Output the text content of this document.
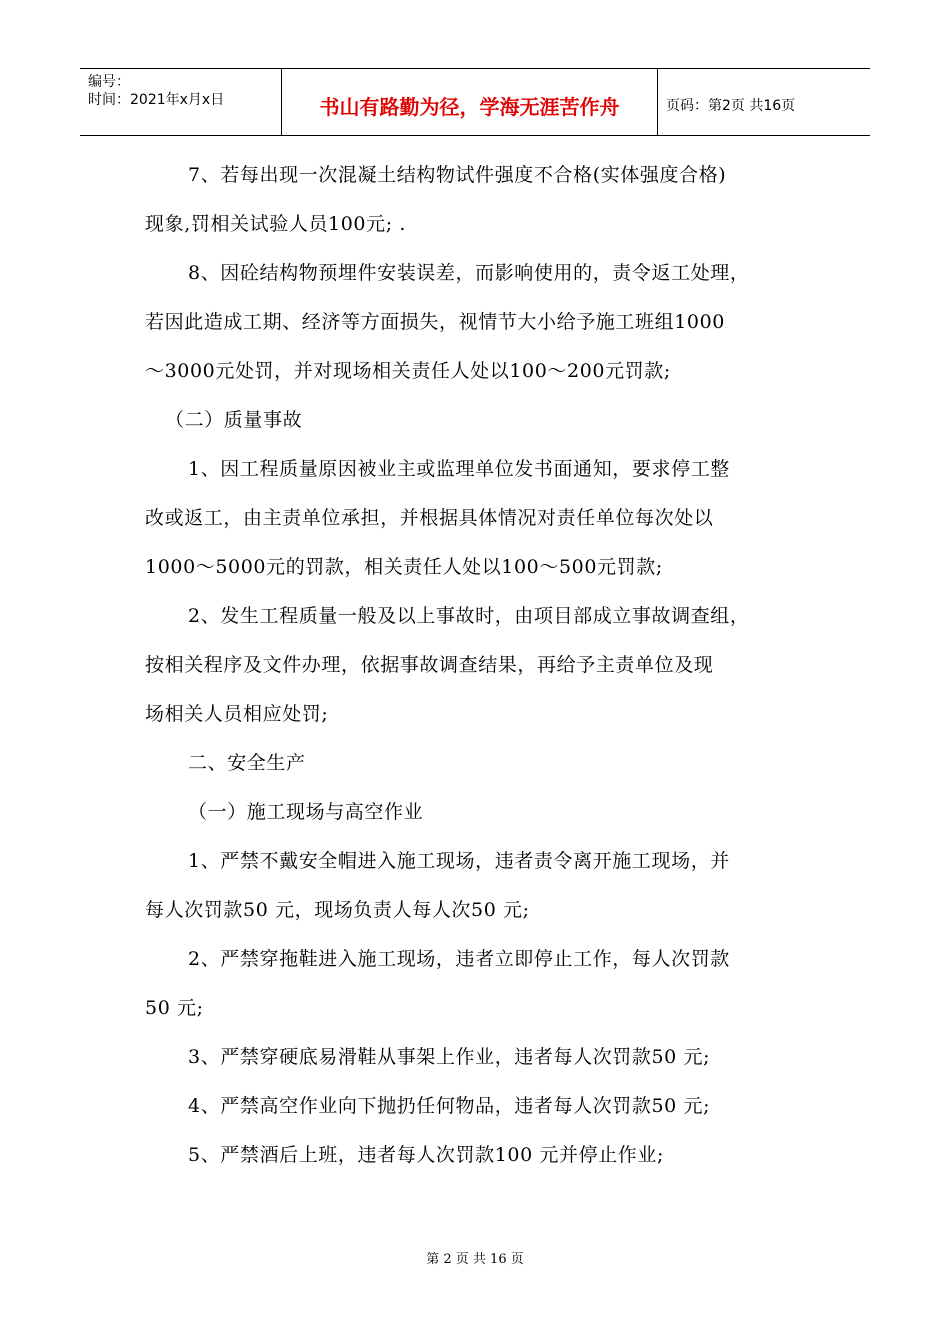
编号：
时间：2021年x月x日	书山有路勤为径，学海无涯苦作舟	页码：第2页 共16页
7、若每出现一次混凝土结构物试件强度不合格(实体强度合格)
现象,罚相关试验人员100元; .
8、因砼结构物预埋件安装误差，而影响使用的，责令返工处理，
若因此造成工期、经济等方面损失，视情节大小给予施工班组1000
～3000元处罚，并对现场相关责任人处以100～200元罚款;
（二）质量事故
1、因工程质量原因被业主或监理单位发书面通知，要求停工整
改或返工，由主责单位承担，并根据具体情况对责任单位每次处以
1000～5000元的罚款，相关责任人处以100～500元罚款;
2、发生工程质量一般及以上事故时，由项目部成立事故调查组，
按相关程序及文件办理，依据事故调查结果，再给予主责单位及现
场相关人员相应处罚;
二、安全生产
（一）施工现场与高空作业
1、严禁不戴安全帽进入施工现场，违者责令离开施工现场，并
每人次罚款50 元，现场负责人每人次50 元;
2、严禁穿拖鞋进入施工现场，违者立即停止工作，每人次罚款
50 元;
3、严禁穿硬底易滑鞋从事架上作业，违者每人次罚款50 元;
4、严禁高空作业向下抛扔任何物品，违者每人次罚款50 元;
5、严禁酒后上班，违者每人次罚款100 元并停止作业;
第 2 页 共 16 页
